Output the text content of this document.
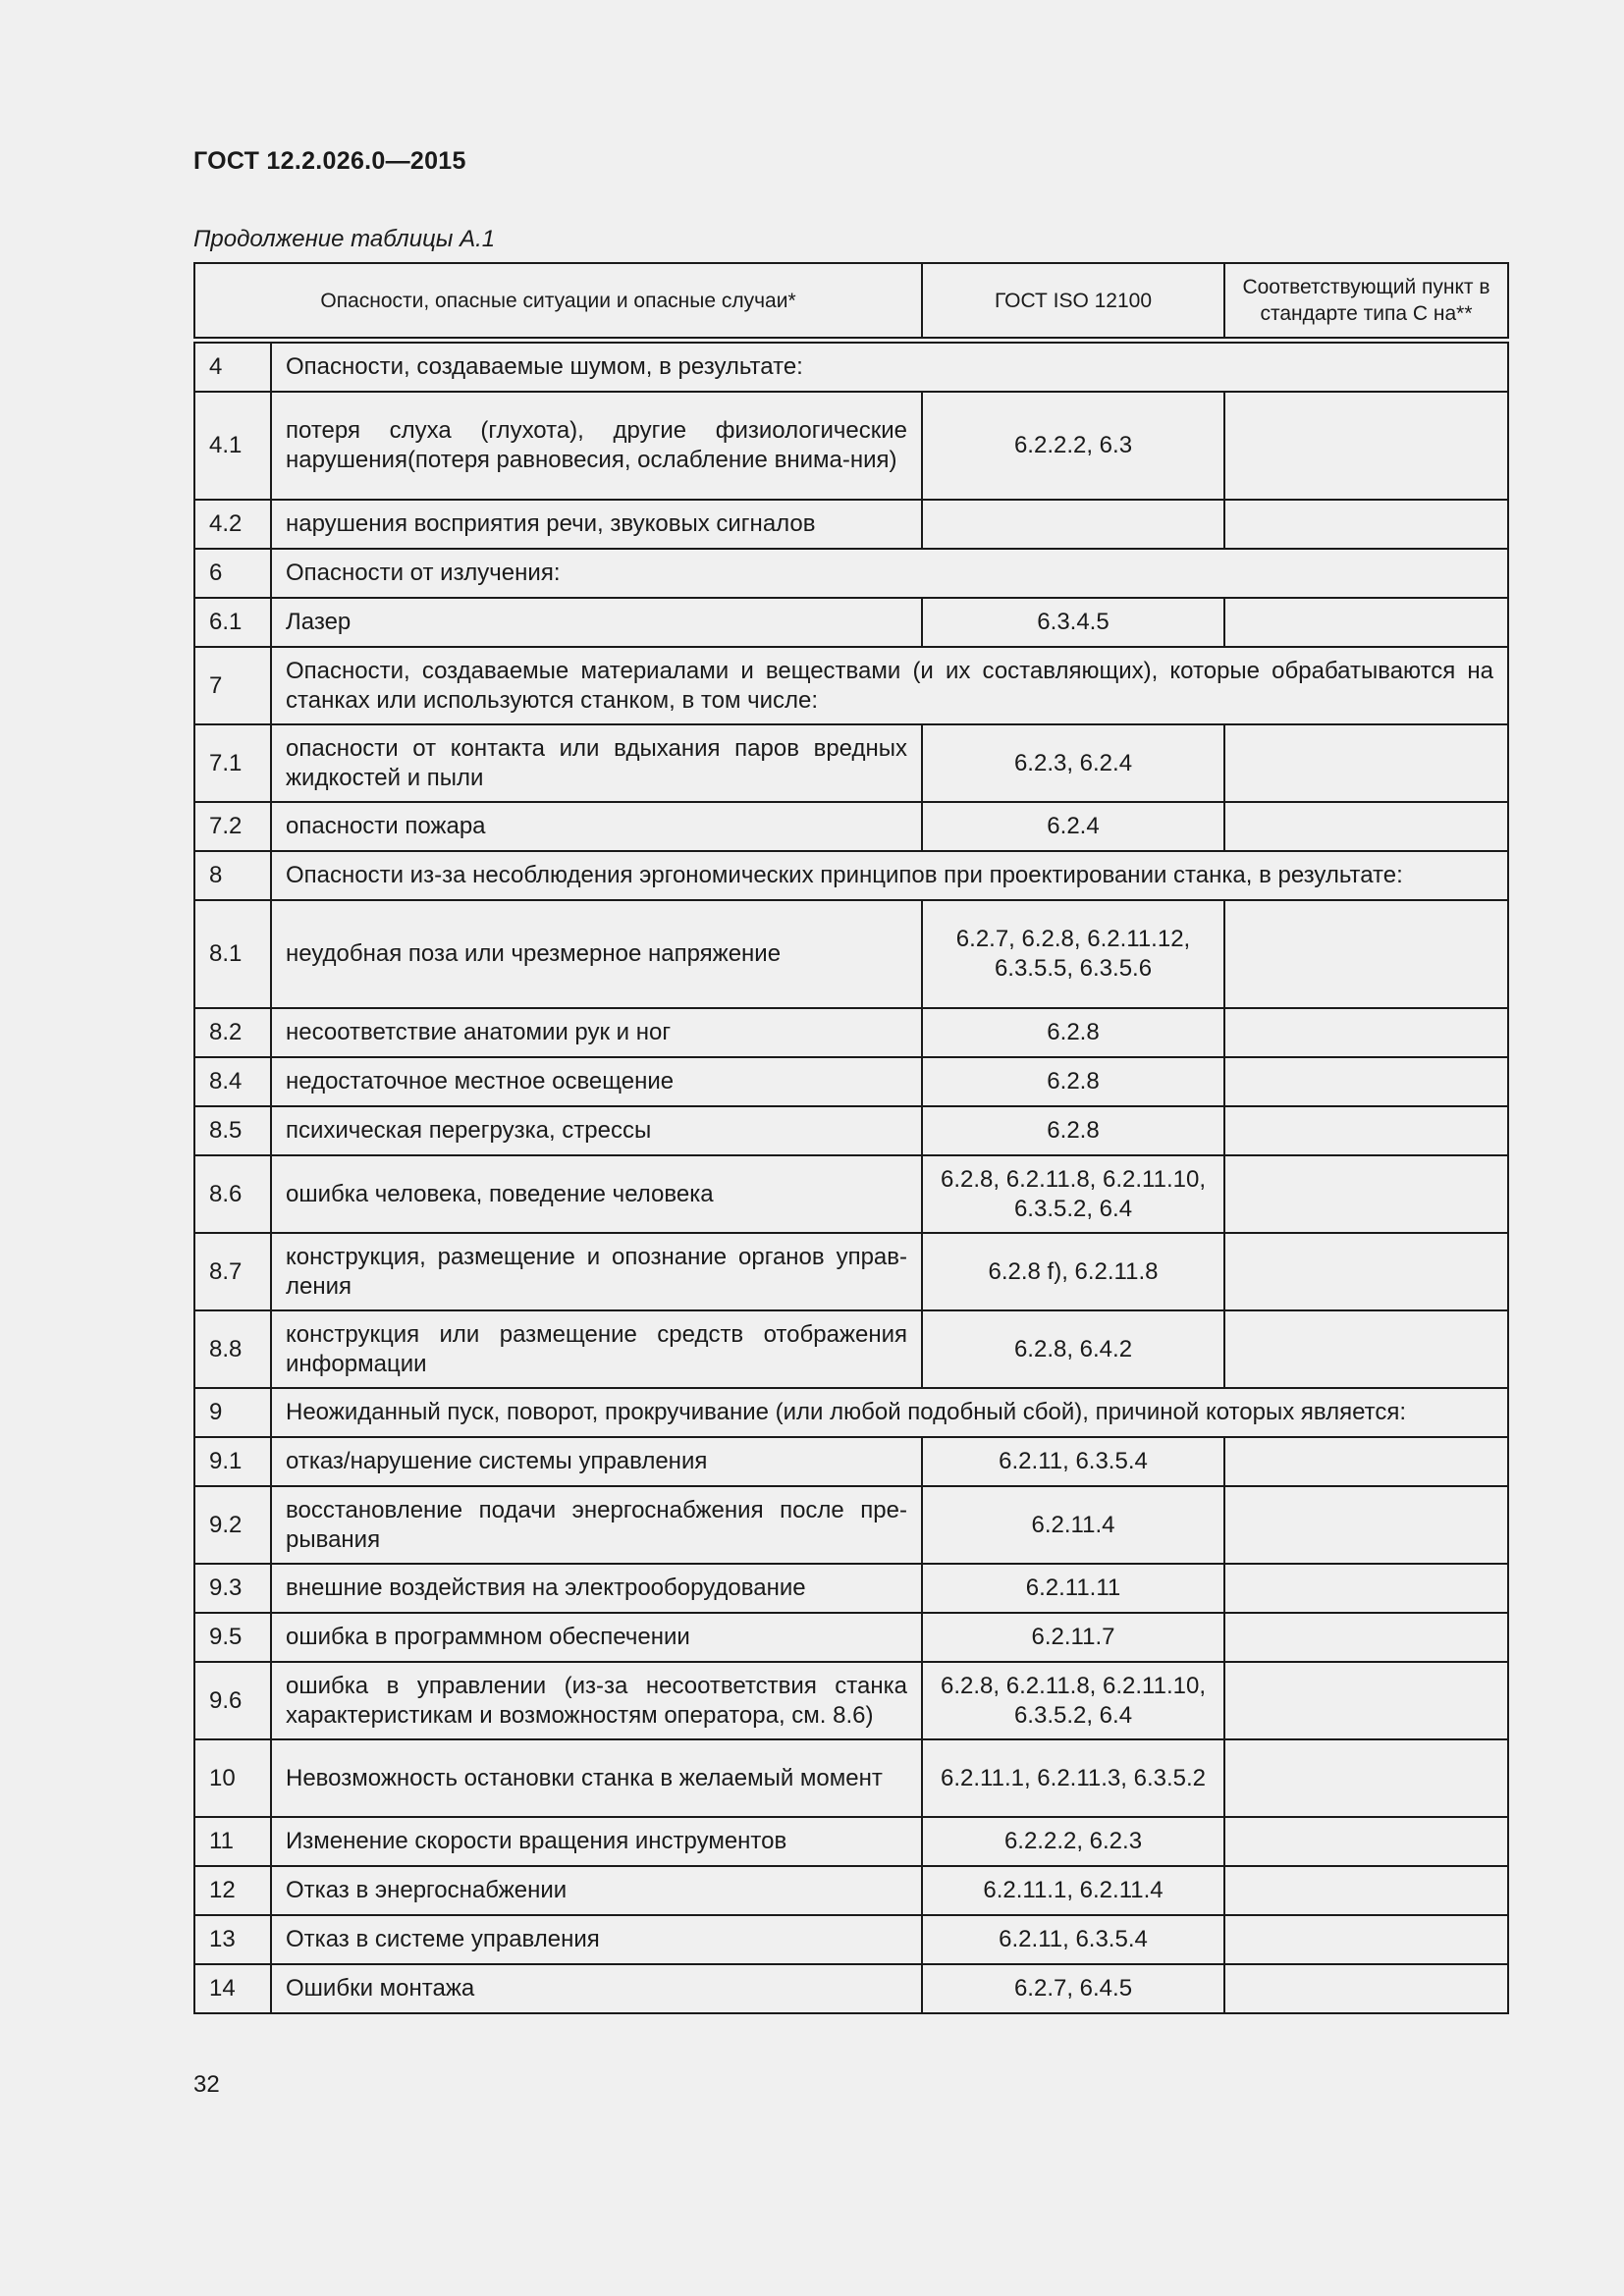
ГОСТ 12.2.026.0—2015
Продолжение таблицы А.1
Опасности, опасные ситуации и опасные случаи*		ГОСТ ISO 12100	Соответствующий пункт в стандарте типа С на**
4	Опасности, создаваемые шумом, в результате:		
4.1	потеря слуха (глухота), другие физиологические нарушения(потеря равновесия, ослабление внима-ния)	6.2.2.2, 6.3	
4.2	нарушения восприятия речи, звуковых сигналов		
6	Опасности от излучения:		
6.1	Лазер	6.3.4.5	
7	Опасности, создаваемые материалами и веществами (и их составляющих), которые обрабатываются на станках или используются станком, в том числе:		
7.1	опасности от контакта или вдыхания паров вредных жидкостей и пыли	6.2.3, 6.2.4	
7.2	опасности пожара	6.2.4	
8	Опасности из-за несоблюдения эргономических принципов при проектировании станка, в результате:		
8.1	неудобная поза или чрезмерное напряжение	6.2.7, 6.2.8, 6.2.11.12, 6.3.5.5, 6.3.5.6	
8.2	несоответствие анатомии рук и ног	6.2.8	
8.4	недостаточное местное освещение	6.2.8	
8.5	психическая перегрузка, стрессы	6.2.8	
8.6	ошибка человека, поведение человека	6.2.8, 6.2.11.8, 6.2.11.10, 6.3.5.2, 6.4	
8.7	конструкция, размещение и опознание органов управ-ления	6.2.8 f), 6.2.11.8	
8.8	конструкция или размещение средств отображения информации	6.2.8, 6.4.2	
9	Неожиданный пуск, поворот, прокручивание (или любой подобный сбой), причиной которых является:		
9.1	отказ/нарушение системы управления	6.2.11, 6.3.5.4	
9.2	восстановление подачи энергоснабжения после пре-рывания	6.2.11.4	
9.3	внешние воздействия на электрооборудование	6.2.11.11	
9.5	ошибка в программном обеспечении	6.2.11.7	
9.6	ошибка в управлении (из-за несоответствия станка характеристикам и возможностям оператора, см. 8.6)	6.2.8, 6.2.11.8, 6.2.11.10, 6.3.5.2, 6.4	
10	Невозможность остановки станка в желаемый момент	6.2.11.1, 6.2.11.3, 6.3.5.2	
11	Изменение скорости вращения инструментов	6.2.2.2, 6.2.3	
12	Отказ в энергоснабжении	6.2.11.1, 6.2.11.4	
13	Отказ в системе управления	6.2.11, 6.3.5.4	
14	Ошибки монтажа	6.2.7, 6.4.5	
32
